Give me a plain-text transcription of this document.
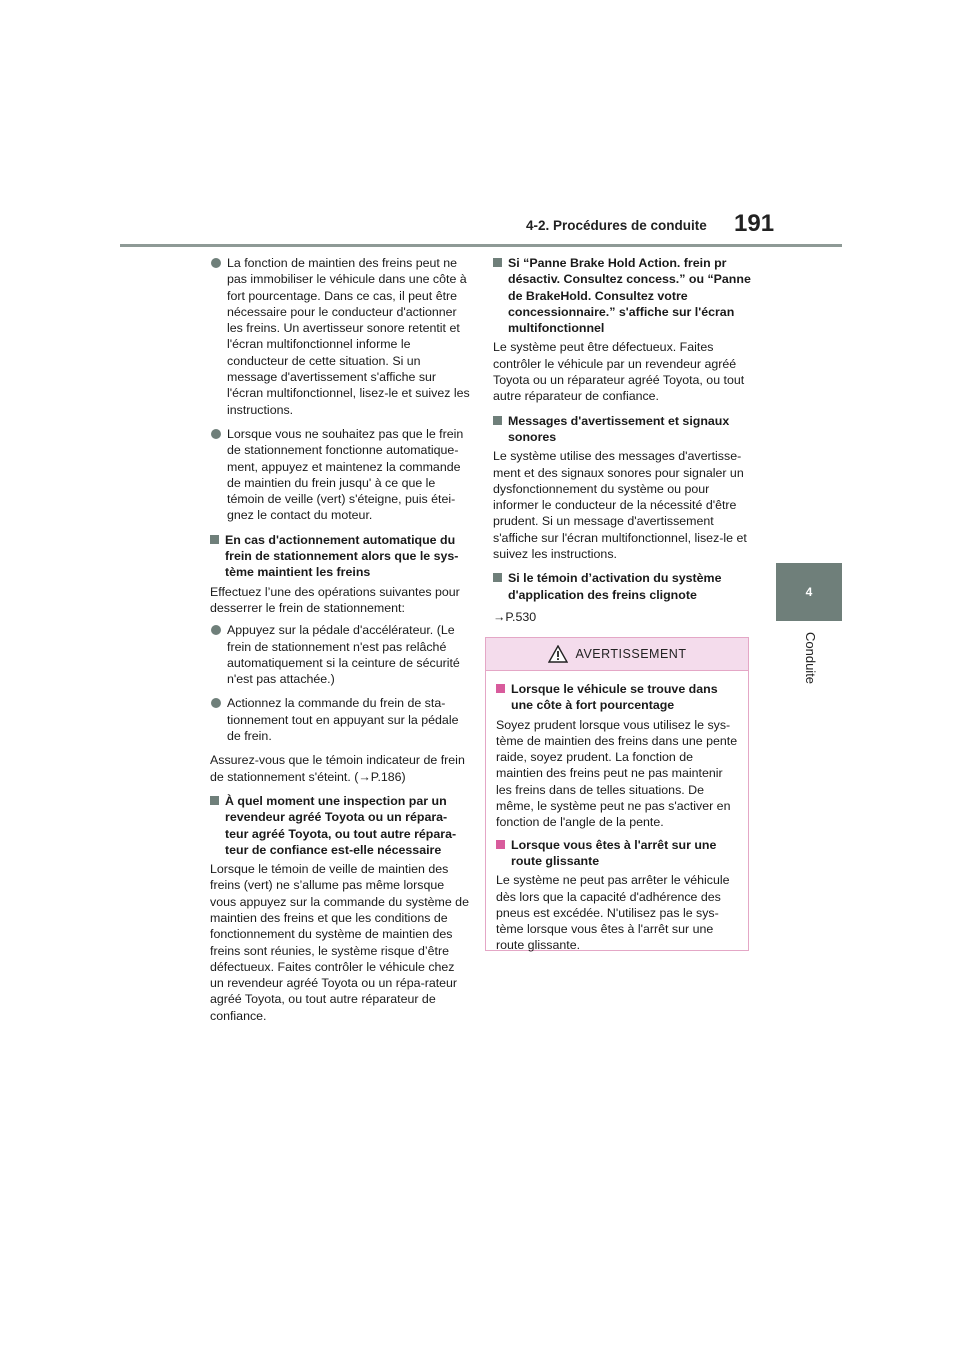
4-2. Procédures de conduite 191
4
Conduite
La fonction de maintien des freins peut ne pas immobiliser le véhicule dans une côte à fort pourcentage. Dans ce cas, il peut être nécessaire pour le conducteur d'actionner les freins. Un avertisseur sonore retentit et l'écran multifonctionnel informe le conducteur de cette situation. Si un message d'avertissement s'affiche sur l'écran multifonctionnel, lisez-le et suivez les instructions.
Lorsque vous ne souhaitez pas que le frein de stationnement fonctionne automatique-ment, appuyez et maintenez la commande de maintien du frein jusqu' à ce que le témoin de veille (vert) s'éteigne, puis étei-gnez le contact du moteur.
En cas d'actionnement automatique du frein de stationnement alors que le sys-tème maintient les freins
Effectuez l’une des opérations suivantes pour desserrer le frein de stationnement:
Appuyez sur la pédale d'accélérateur. (Le frein de stationnement n'est pas relâché automatiquement si la ceinture de sécurité n'est pas attachée.)
Actionnez la commande du frein de sta-tionnement tout en appuyant sur la pédale de frein.
Assurez-vous que le témoin indicateur de frein de stationnement s'éteint. (→P.186)
À quel moment une inspection par un revendeur agréé Toyota ou un répara-teur agréé Toyota, ou tout autre répara-teur de confiance est-elle nécessaire
Lorsque le témoin de veille de maintien des freins (vert) ne s’allume pas même lorsque vous appuyez sur la commande du système de maintien des freins et que les conditions de fonctionnement du système de maintien des freins sont réunies, le système risque d’être défectueux. Faites contrôler le véhicule chez un revendeur agréé Toyota ou un répa-rateur agréé Toyota, ou tout autre réparateur de confiance.
Si “Panne Brake Hold Action. frein pr désactiv. Consultez concess.” ou “Panne de BrakeHold. Consultez votre concessionnaire.” s'affiche sur l'écran multifonctionnel
Le système peut être défectueux. Faites contrôler le véhicule par un revendeur agréé Toyota ou un réparateur agréé Toyota, ou tout autre réparateur de confiance.
Messages d'avertissement et signaux sonores
Le système utilise des messages d'avertisse-ment et des signaux sonores pour signaler un dysfonctionnement du système ou pour informer le conducteur de la nécessité d'être prudent. Si un message d'avertissement s'affiche sur l'écran multifonctionnel, lisez-le et suivez les instructions.
Si le témoin d’activation du système d'application des freins clignote
→P.530
AVERTISSEMENT
Lorsque le véhicule se trouve dans une côte à fort pourcentage
Soyez prudent lorsque vous utilisez le sys-tème de maintien des freins dans une pente raide, soyez prudent. La fonction de maintien des freins peut ne pas maintenir les freins dans de telles situations. De même, le système peut ne pas s'activer en fonction de l'angle de la pente.
Lorsque vous êtes à l'arrêt sur une route glissante
Le système ne peut pas arrêter le véhicule dès lors que la capacité d'adhérence des pneus est excédée. N'utilisez pas le sys-tème lorsque vous êtes à l'arrêt sur une route glissante.
